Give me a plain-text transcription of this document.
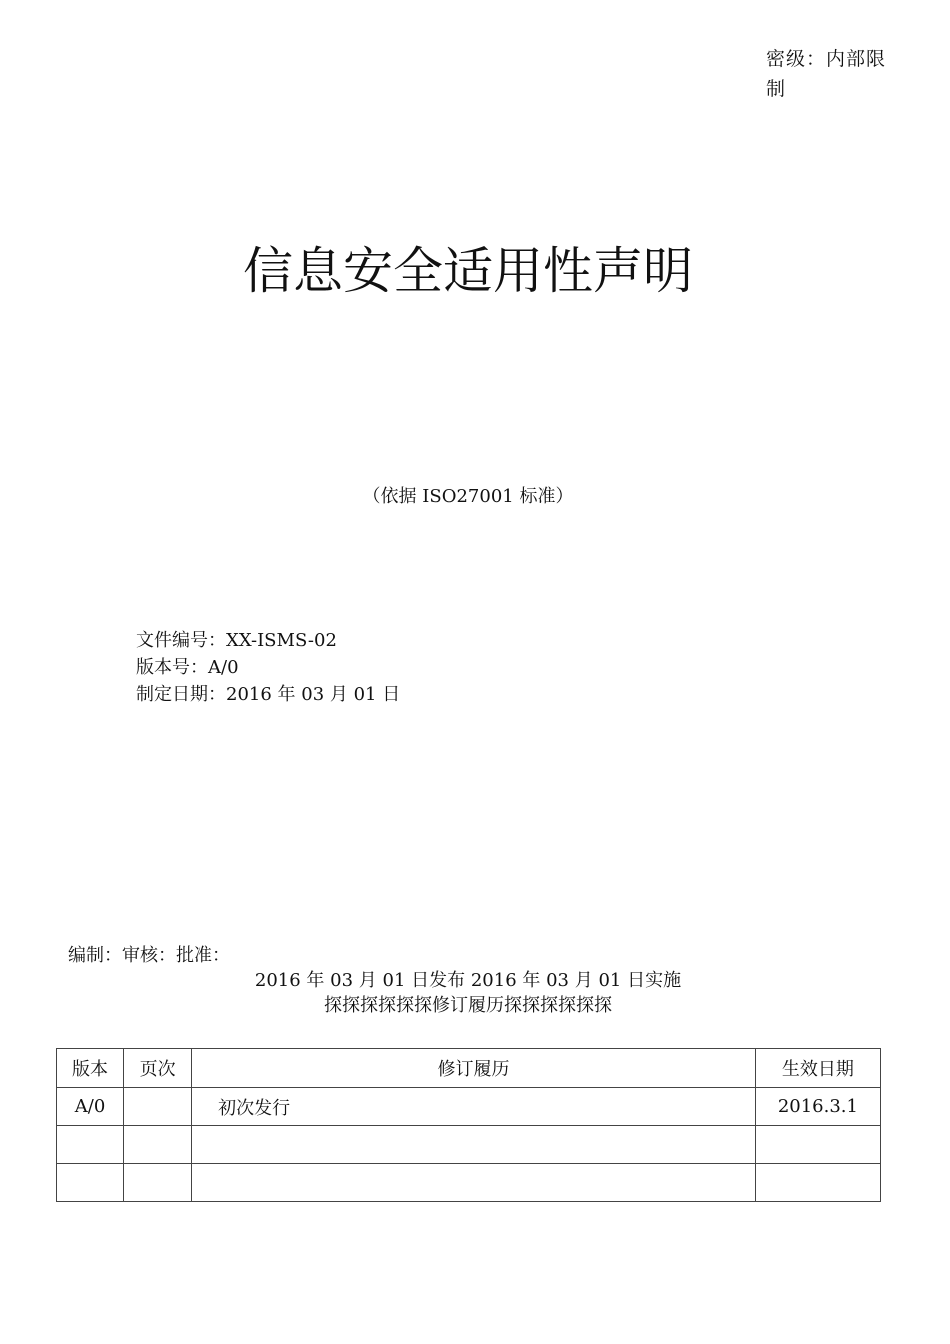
密级：内部限制
信息安全适用性声明
（依据 ISO27001 标准）
文件编号：XX-ISMS-02
版本号：A/0
制定日期：2016 年 03 月 01 日
编制：审核：批准：
2016 年 03 月 01 日发布 2016 年 03 月 01 日实施
探探探探探探修订履历探探探探探探
版本	页次	修订履历	生效日期
A/0		初次发行	2016.3.1
